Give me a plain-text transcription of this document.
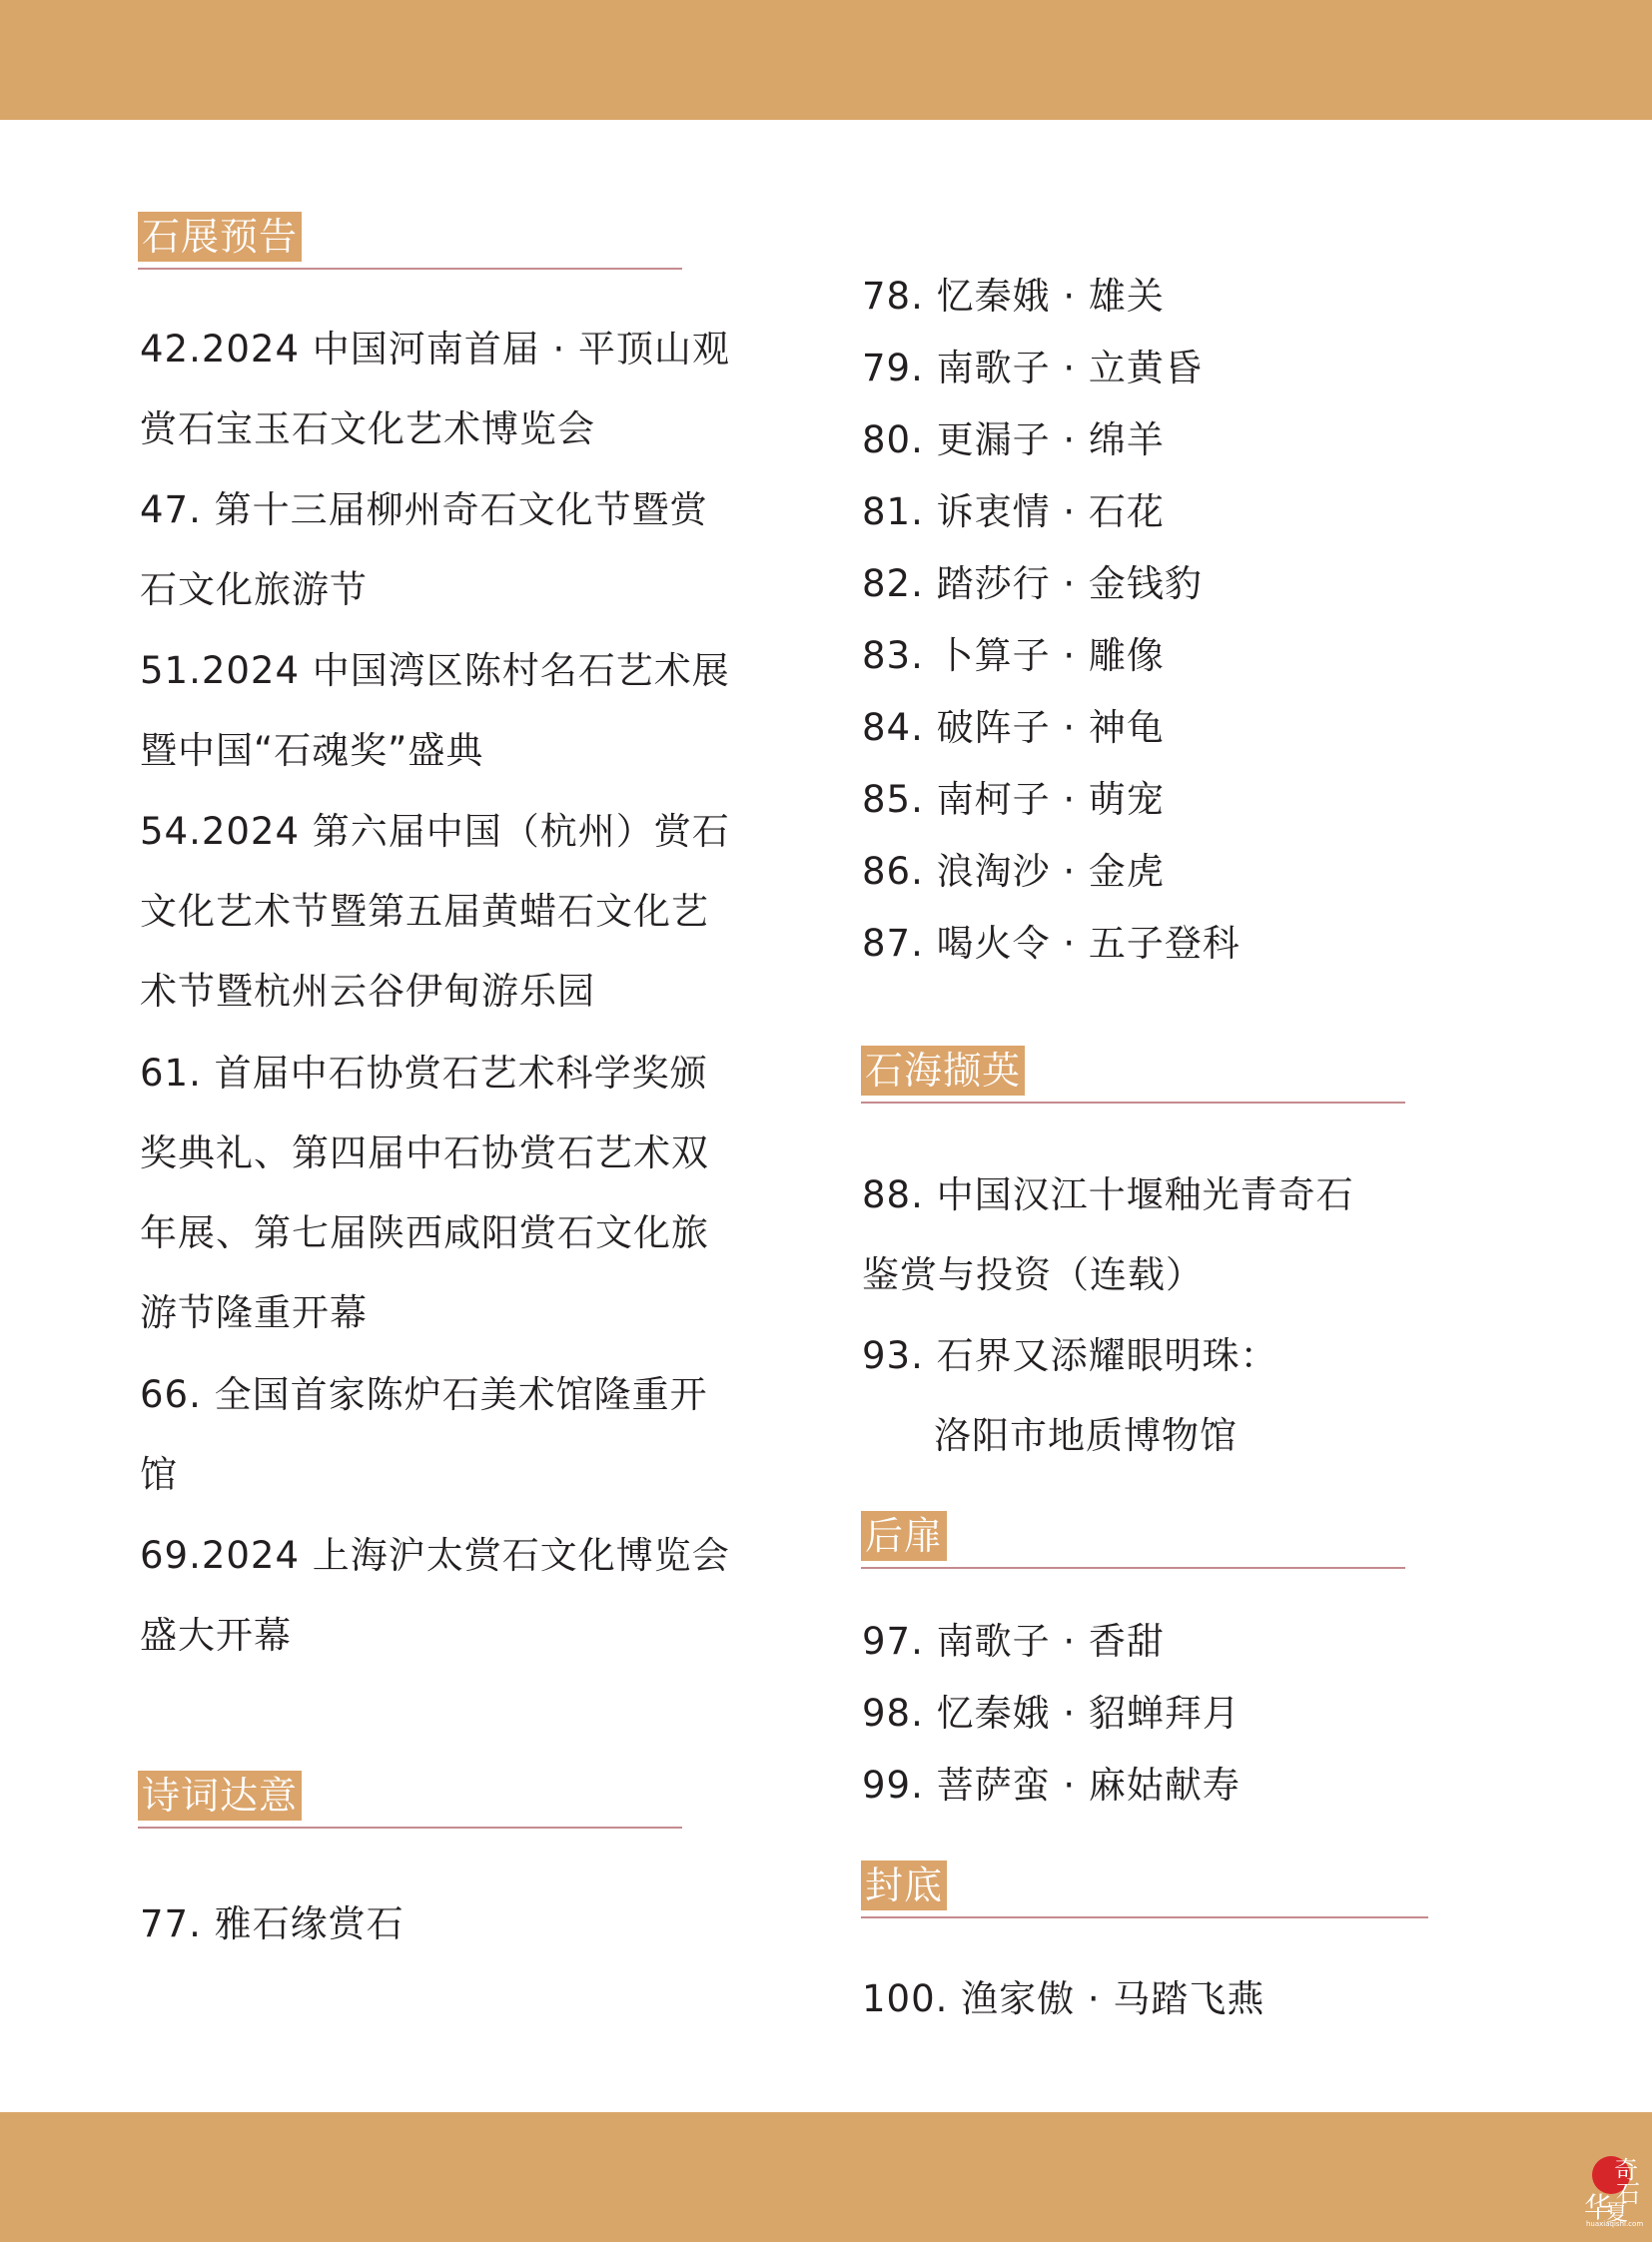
石展预告
42.2024 中国河南首届 · 平顶山观
赏石宝玉石文化艺术博览会
47. 第十三届柳州奇石文化节暨赏
石文化旅游节
51.2024 中国湾区陈村名石艺术展
暨中国“石魂奖”盛典
54.2024 第六届中国（杭州）赏石
文化艺术节暨第五届黄蜡石文化艺
术节暨杭州云谷伊甸游乐园
61. 首届中石协赏石艺术科学奖颁
奖典礼、第四届中石协赏石艺术双
年展、第七届陕西咸阳赏石文化旅
游节隆重开幕
66. 全国首家陈炉石美术馆隆重开
馆
69.2024 上海沪太赏石文化博览会
盛大开幕
诗词达意
77. 雅石缘赏石
78. 忆秦娥 · 雄关
79. 南歌子 · 立黄昏
80. 更漏子 · 绵羊
81. 诉衷情 · 石花
82. 踏莎行 · 金钱豹
83. 卜算子 · 雕像
84. 破阵子 · 神龟
85. 南柯子 · 萌宠
86. 浪淘沙 · 金虎
87. 喝火令 · 五子登科
石海撷英
88. 中国汉江十堰釉光青奇石
鉴赏与投资（连载）
93. 石界又添耀眼明珠：
洛阳市地质博物馆
后扉
97. 南歌子 · 香甜
98. 忆秦娥 · 貂蝉拜月
99. 菩萨蛮 · 麻姑献寿
封底
100. 渔家傲 · 马踏飞燕
华
奇
石
夏
huaxiaqishi.com
